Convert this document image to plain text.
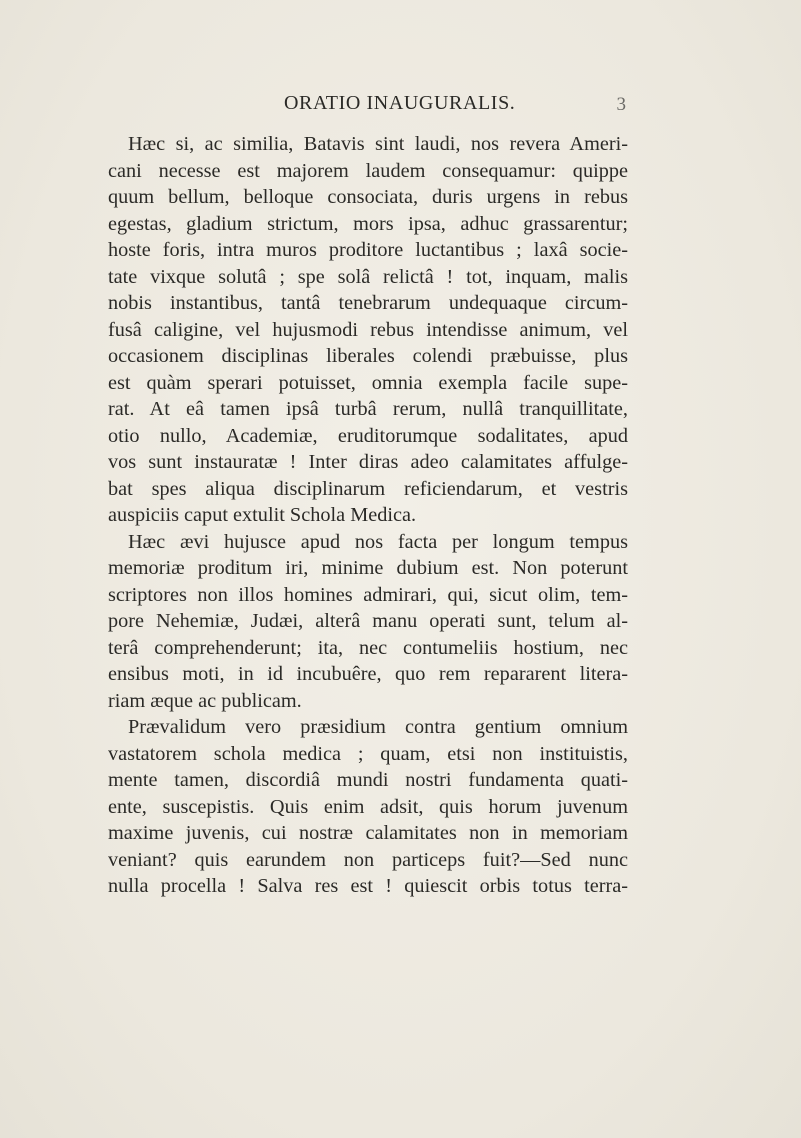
ORATIO INAUGURALIS.	3
Hæc si, ac similia, Batavis sint laudi, nos revera Ameri-
cani necesse est majorem laudem consequamur: quippe
quum bellum, belloque consociata, duris urgens in rebus
egestas, gladium strictum, mors ipsa, adhuc grassarentur;
hoste foris, intra muros proditore luctantibus ; laxâ socie-
tate vixque solutâ ; spe solâ relictâ ! tot, inquam, malis
nobis instantibus, tantâ tenebrarum undequaque circum-
fusâ caligine, vel hujusmodi rebus intendisse animum, vel
occasionem disciplinas liberales colendi præbuisse, plus
est quàm sperari potuisset, omnia exempla facile supe-
rat. At eâ tamen ipsâ turbâ rerum, nullâ tranquillitate,
otio nullo, Academiæ, eruditorumque sodalitates, apud
vos sunt instauratæ ! Inter diras adeo calamitates affulge-
bat spes aliqua disciplinarum reficiendarum, et vestris
auspiciis caput extulit Schola Medica.
Hæc ævi hujusce apud nos facta per longum tempus
memoriæ proditum iri, minime dubium est. Non poterunt
scriptores non illos homines admirari, qui, sicut olim, tem-
pore Nehemiæ, Judæi, alterâ manu operati sunt, telum al-
terâ comprehenderunt; ita, nec contumeliis hostium, nec
ensibus moti, in id incubuêre, quo rem repararent litera-
riam æque ac publicam.
Prævalidum vero præsidium contra gentium omnium
vastatorem schola medica ; quam, etsi non instituistis,
mente tamen, discordiâ mundi nostri fundamenta quati-
ente, suscepistis. Quis enim adsit, quis horum juvenum
maxime juvenis, cui nostræ calamitates non in memoriam
veniant? quis earundem non particeps fuit?—Sed nunc
nulla procella ! Salva res est ! quiescit orbis totus terra-
